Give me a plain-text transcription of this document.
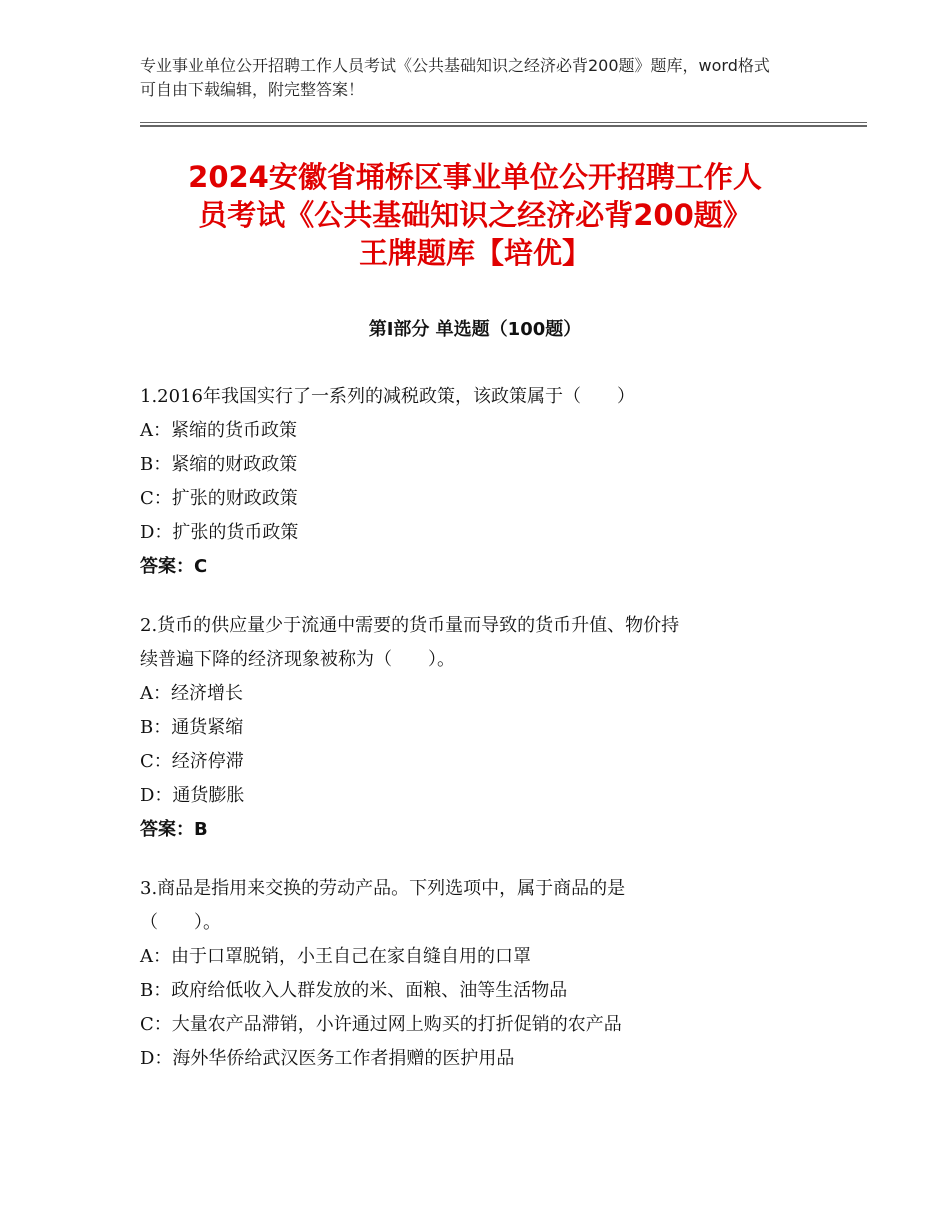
专业事业单位公开招聘工作人员考试《公共基础知识之经济必背200题》题库，word格式可自由下载编辑，附完整答案！
2024安徽省埇桥区事业单位公开招聘工作人
员考试《公共基础知识之经济必背200题》
王牌题库【培优】
第Ⅰ部分 单选题（100题）
1.2016年我国实行了一系列的减税政策，该政策属于（　　）
A：紧缩的货币政策
B：紧缩的财政政策
C：扩张的财政政策
D：扩张的货币政策
答案：C
2.货币的供应量少于流通中需要的货币量而导致的货币升值、物价持
续普遍下降的经济现象被称为（　　）。
A：经济增长
B：通货紧缩
C：经济停滞
D：通货膨胀
答案：B
3.商品是指用来交换的劳动产品。下列选项中，属于商品的是
（　　）。
A：由于口罩脱销，小王自己在家自缝自用的口罩
B：政府给低收入人群发放的米、面粮、油等生活物品
C：大量农产品滞销，小许通过网上购买的打折促销的农产品
D：海外华侨给武汉医务工作者捐赠的医护用品
